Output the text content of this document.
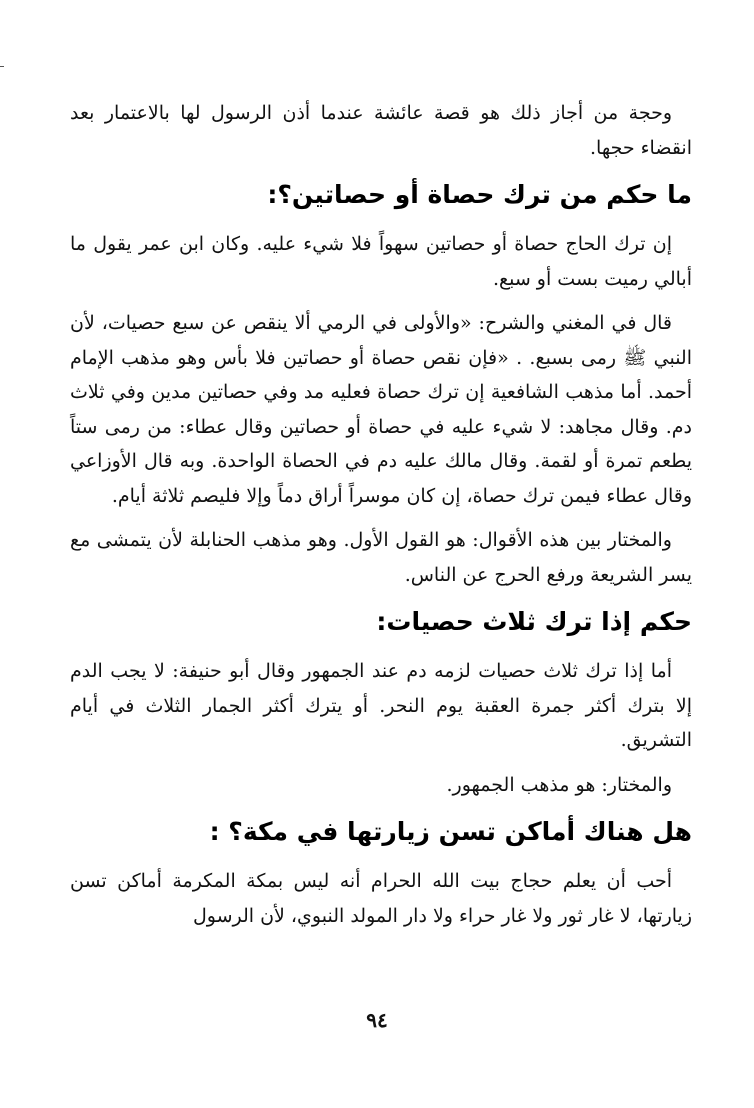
وحجة من أجاز ذلك هو قصة عائشة عندما أذن الرسول لها بالاعتمار بعد انقضاء حجها.

ما حكم من ترك حصاة أو حصاتين؟:

إن ترك الحاج حصاة أو حصاتين سهواً فلا شيء عليه. وكان ابن عمر يقول ما أبالي رميت بست أو سبع.

قال في المغني والشرح: «والأولى في الرمي ألا ينقص عن سبع حصيات، لأن النبي ﷺ رمى بسبع. . «فإن نقص حصاة أو حصاتين فلا بأس وهو مذهب الإمام أحمد. أما مذهب الشافعية إن ترك حصاة فعليه مد وفي حصاتين مدين وفي ثلاث دم. وقال مجاهد: لا شيء عليه في حصاة أو حصاتين وقال عطاء: من رمى ستاً يطعم تمرة أو لقمة. وقال مالك عليه دم في الحصاة الواحدة. وبه قال الأوزاعي وقال عطاء فيمن ترك حصاة، إن كان موسراً أراق دماً وإلا فليصم ثلاثة أيام.

والمختار بين هذه الأقوال: هو القول الأول. وهو مذهب الحنابلة لأن يتمشى مع يسر الشريعة ورفع الحرج عن الناس.

حكم إذا ترك ثلاث حصيات:

أما إذا ترك ثلاث حصيات لزمه دم عند الجمهور وقال أبو حنيفة: لا يجب الدم إلا بترك أكثر جمرة العقبة يوم النحر. أو يترك أكثر الجمار الثلاث في أيام التشريق.

والمختار: هو مذهب الجمهور.

هل هناك أماكن تسن زيارتها في مكة؟ :

أحب أن يعلم حجاج بيت الله الحرام أنه ليس بمكة المكرمة أماكن تسن زيارتها، لا غار ثور ولا غار حراء ولا دار المولد النبوي، لأن الرسول

٩٤
